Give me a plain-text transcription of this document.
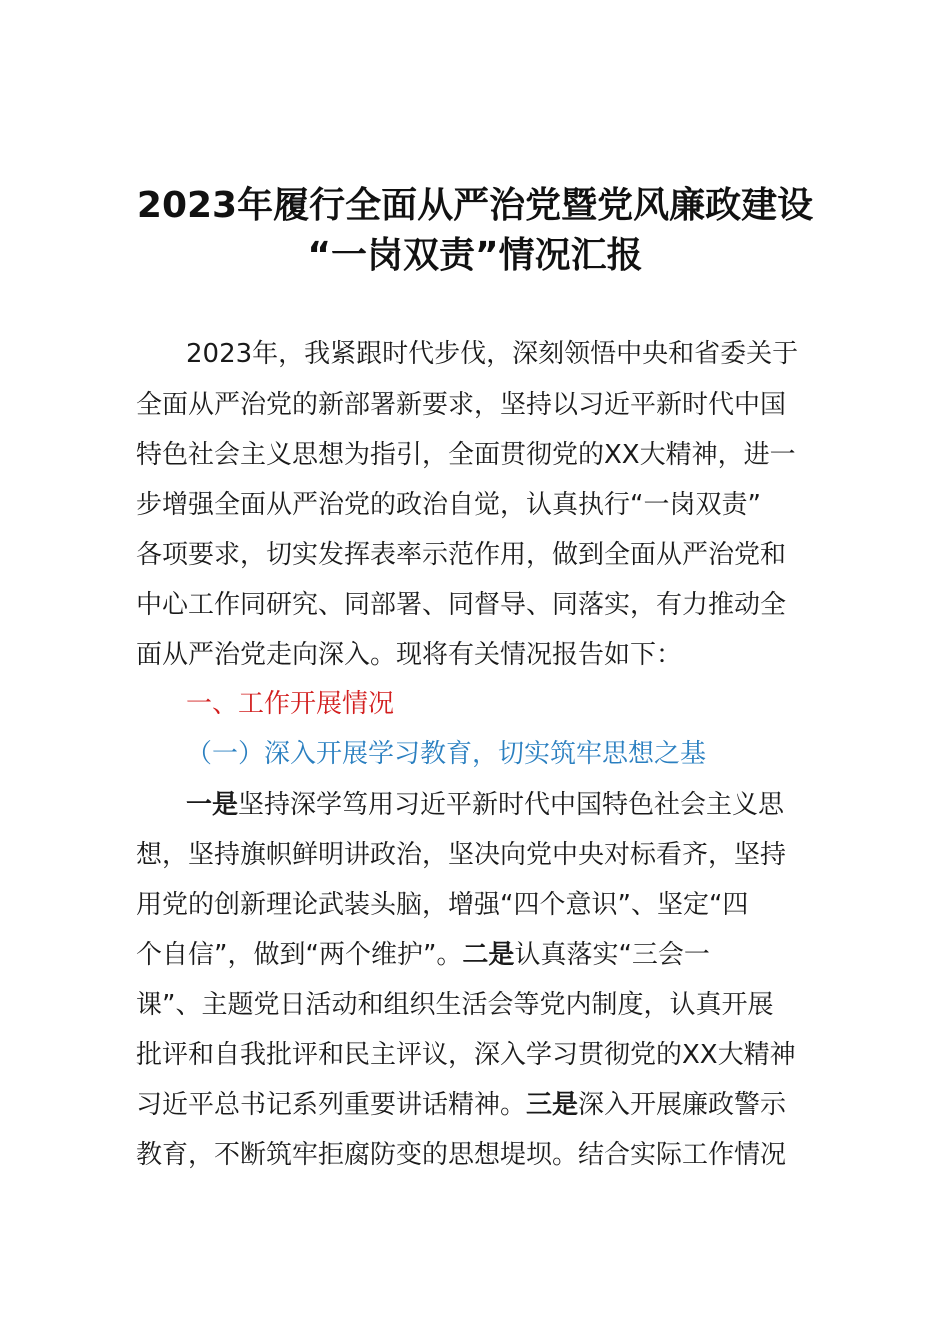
2023年履行全面从严治党暨党风廉政建设
“一岗双责”情况汇报

2023年，我紧跟时代步伐，深刻领悟中央和省委关于

全面从严治党的新部署新要求，坚持以习近平新时代中国

特色社会主义思想为指引，全面贯彻党的XX大精神，进一

步增强全面从严治党的政治自觉，认真执行“一岗双责”

各项要求，切实发挥表率示范作用，做到全面从严治党和

中心工作同研究、同部署、同督导、同落实，有力推动全

面从严治党走向深入。现将有关情况报告如下：

一、工作开展情况

（一）深入开展学习教育，切实筑牢思想之基

一是坚持深学笃用习近平新时代中国特色社会主义思

想，坚持旗帜鲜明讲政治，坚决向党中央对标看齐，坚持

用党的创新理论武装头脑，增强“四个意识”、坚定“四

个自信”，做到“两个维护”。二是认真落实“三会一

课”、主题党日活动和组织生活会等党内制度，认真开展

批评和自我批评和民主评议，深入学习贯彻党的XX大精神

习近平总书记系列重要讲话精神。三是深入开展廉政警示

教育，不断筑牢拒腐防变的思想堤坝。结合实际工作情况
